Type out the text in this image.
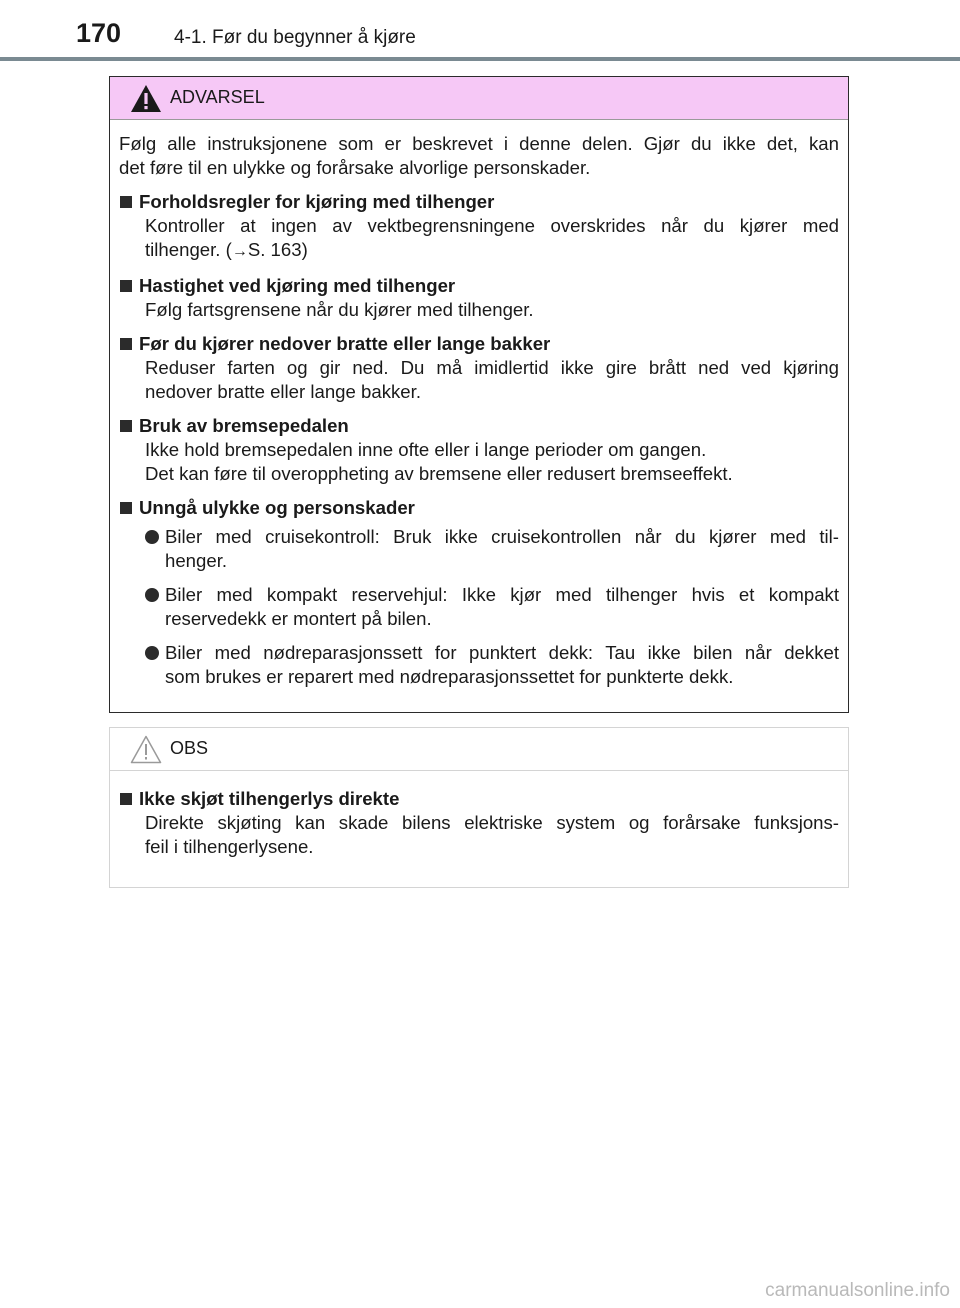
170	4-1. Før du begynner å kjøre
ADVARSEL
Følg alle instruksjonene som er beskrevet i denne delen. Gjør du ikke det, kan
det føre til en ulykke og forårsake alvorlige personskader.
Forholdsregler for kjøring med tilhenger
Kontroller at ingen av vektbegrensningene overskrides når du kjører med
tilhenger. (→S. 163)
Hastighet ved kjøring med tilhenger
Følg fartsgrensene når du kjører med tilhenger.
Før du kjører nedover bratte eller lange bakker
Reduser farten og gir ned. Du må imidlertid ikke gire brått ned ved kjøring
nedover bratte eller lange bakker.
Bruk av bremsepedalen
Ikke hold bremsepedalen inne ofte eller i lange perioder om gangen.
Det kan føre til overoppheting av bremsene eller redusert bremseeffekt.
Unngå ulykke og personskader
Biler med cruisekontroll: Bruk ikke cruisekontrollen når du kjører med til-
henger.
Biler med kompakt reservehjul: Ikke kjør med tilhenger hvis et kompakt
reservedekk er montert på bilen.
Biler med nødreparasjonssett for punktert dekk: Tau ikke bilen når dekket
som brukes er reparert med nødreparasjonssettet for punkterte dekk.
OBS
Ikke skjøt tilhengerlys direkte
Direkte skjøting kan skade bilens elektriske system og forårsake funksjons-
feil i tilhengerlysene.
carmanualsonline.info
